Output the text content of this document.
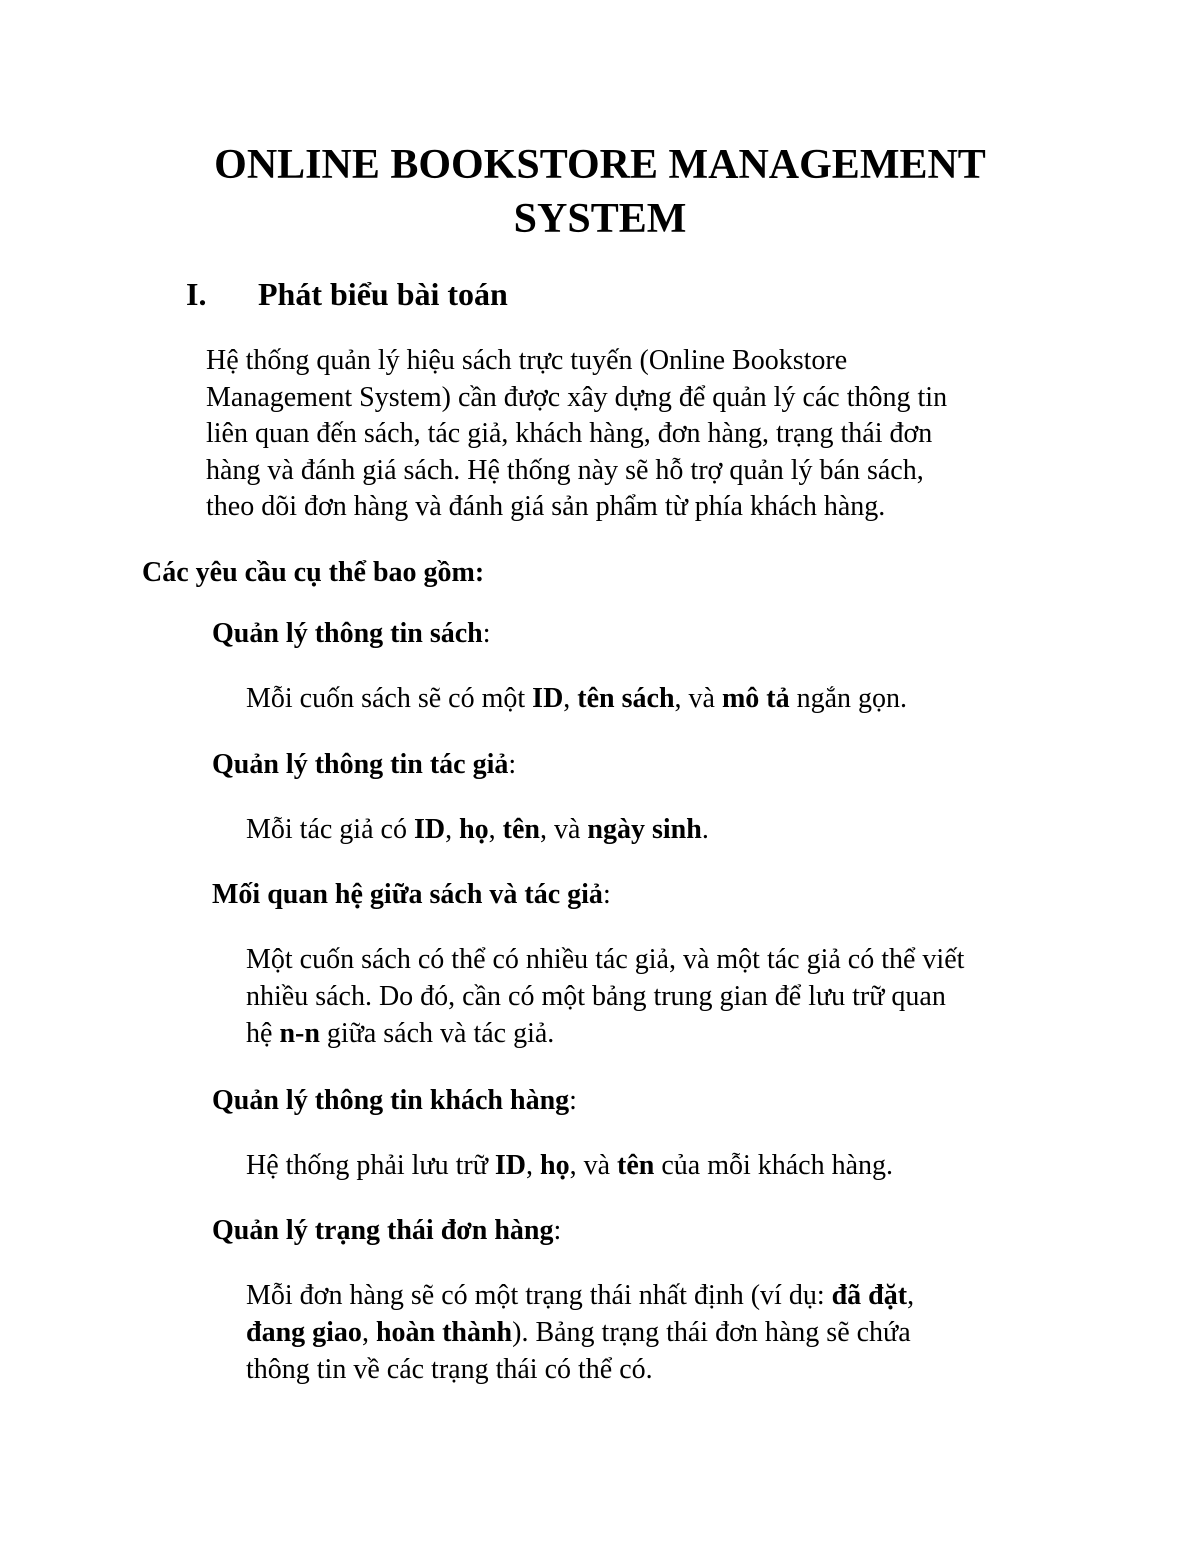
ONLINE BOOKSTORE MANAGEMENT
SYSTEM
I. Phát biểu bài toán

Hệ thống quản lý hiệu sách trực tuyến (Online Bookstore
Management System) cần được xây dựng để quản lý các thông tin
liên quan đến sách, tác giả, khách hàng, đơn hàng, trạng thái đơn
hàng và đánh giá sách. Hệ thống này sẽ hỗ trợ quản lý bán sách,
theo dõi đơn hàng và đánh giá sản phẩm từ phía khách hàng.

Các yêu cầu cụ thể bao gồm:

Quản lý thông tin sách:

Mỗi cuốn sách sẽ có một ID, tên sách, và mô tả ngắn gọn.

Quản lý thông tin tác giả:

Mỗi tác giả có ID, họ, tên, và ngày sinh.

Mối quan hệ giữa sách và tác giả:

Một cuốn sách có thể có nhiều tác giả, và một tác giả có thể viết
nhiều sách. Do đó, cần có một bảng trung gian để lưu trữ quan
hệ n-n giữa sách và tác giả.

Quản lý thông tin khách hàng:

Hệ thống phải lưu trữ ID, họ, và tên của mỗi khách hàng.

Quản lý trạng thái đơn hàng:

Mỗi đơn hàng sẽ có một trạng thái nhất định (ví dụ: đã đặt,
đang giao, hoàn thành). Bảng trạng thái đơn hàng sẽ chứa
thông tin về các trạng thái có thể có.
